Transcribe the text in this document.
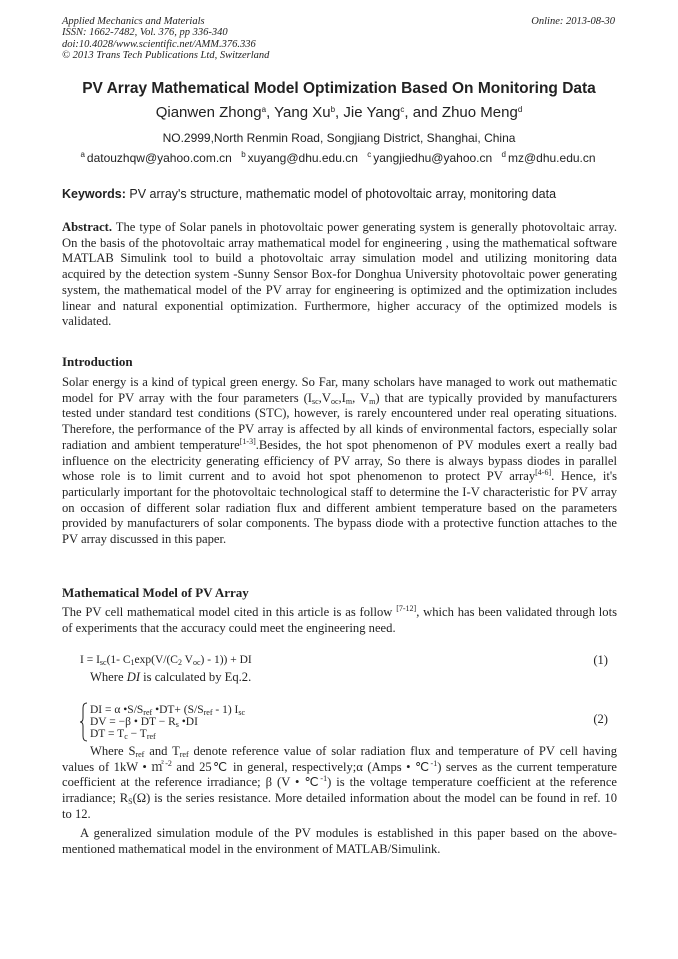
Applied Mechanics and Materials
ISSN: 1662-7482, Vol. 376, pp 336-340
doi:10.4028/www.scientific.net/AMM.376.336
© 2013 Trans Tech Publications Ltd, Switzerland
Online: 2013-08-30
PV Array Mathematical Model Optimization Based On Monitoring Data
Qianwen Zhong$^a$, Yang Xu$^b$, Jie Yang$^c$, and Zhuo Meng$^d$
NO.2999,North Renmin Road, Songjiang District, Shanghai, China
$^a$ datouzhqw@yahoo.com.cn $^b$ xuyang@dhu.edu.cn $^c$ yangjiedhu@yahoo.cn $^d$ mz@dhu.edu.cn
Keywords: PV array's structure, mathematic model of photovoltaic array, monitoring data
Abstract. The type of Solar panels in photovoltaic power generating system is generally photovoltaic array. On the basis of the photovoltaic array mathematical model for engineering , using the mathematical software MATLAB Simulink tool to build a photovoltaic array simulation model and utilizing monitoring data acquired by the detection system -Sunny Sensor Box-for Donghua University photovoltaic power generating system, the mathematical model of the PV array for engineering is optimized and the optimization includes linear and natural exponential optimization. Furthermore, higher accuracy of the optimized models is validated.
Introduction
Solar energy is a kind of typical green energy. So Far, many scholars have managed to work out mathematic model for PV array with the four parameters ($I_{sc},V_{oc},I_m$, $V_m$) that are typically provided by manufacturers tested under standard test conditions (STC), however, is rarely encountered under real operating situations. Therefore, the performance of the PV array is affected by all kinds of environmental factors, especially solar radiation and ambient temperature[1-3].Besides, the hot spot phenomenon of PV modules exert a really bad influence on the electricity generating efficiency of PV array, So there is always bypass diodes in parallel whose role is to limit current and to avoid hot spot phenomenon to protect PV array[4-6]. Hence, it's particularly important for the photovoltaic technological staff to determine the I-V characteristic for PV array on occasion of different solar radiation flux and different ambient temperature based on the parameters provided by manufacturers of solar components. The bypass diode with a protective function attaches to the PV array discussed in this paper.
Mathematical Model of PV Array
The PV cell mathematical model cited in this article is as follow [7-12], which has been validated through lots of experiments that the accuracy could meet the engineering need.
$I = I_{sc}(1-$ $C_1\exp(V/(C_2$ $V_{oc}) - 1$)) + DI	(1)
Where DI is calculated by Eq.2.
DI = α $•S/S_{ref}$ •DT+ $(S/S_{ref} - 1)$ $I_{sc}$
DV = −β • DT − $R_s$ •DI
DT = $T_c - T_{ref}$
(2)
Where $S_{ref}$ and $T_{ref}$ denote reference value of solar radiation flux and temperature of PV cell having values of 1kW • ㎡$^{-2}$ and 25℃ in general, respectively;α (Amps • ℃$^{-1}$) serves as the current temperature coefficient at the reference irradiance; β (V • ℃$^{-1}$) is the voltage temperature coefficient at the reference irradiance; $R_S(\Omega)$ is the series resistance. More detailed information about the model can be found in ref. 10 to 12.
A generalized simulation module of the PV modules is established in this paper based on the above-mentioned mathematical model in the environment of MATLAB/Simulink.
